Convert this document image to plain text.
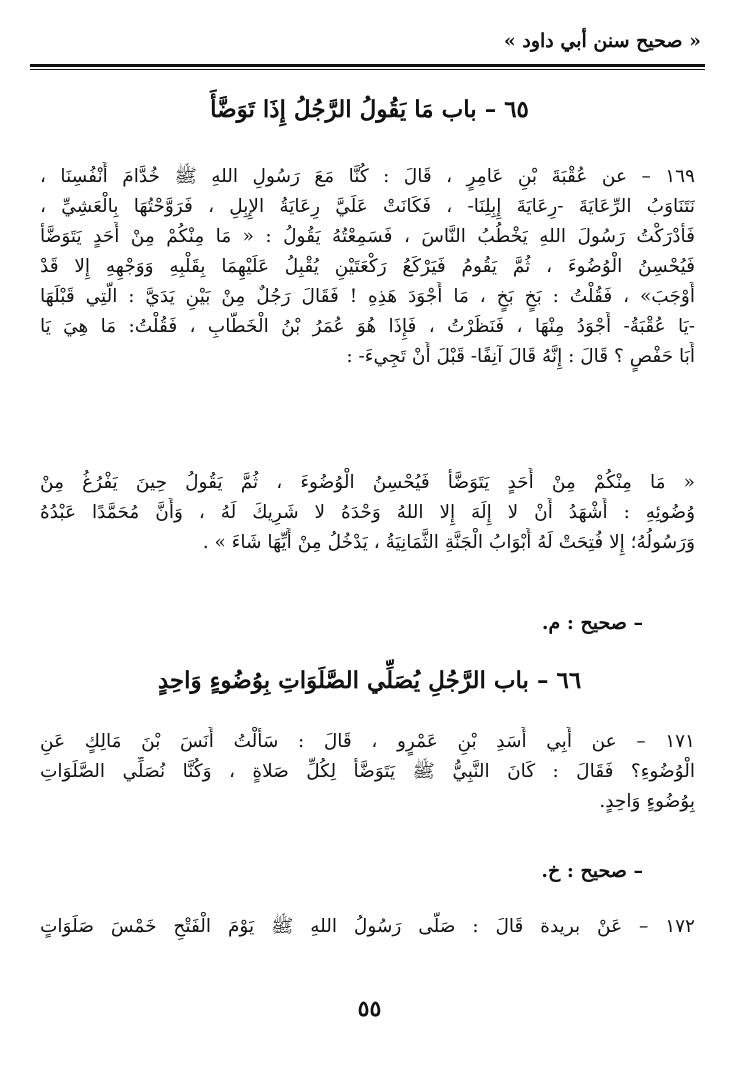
« صحيح سنن أبي داود »
٦٥ – باب مَا يَقُولُ الرَّجُلُ إِذَا تَوَضَّأَ

١٦٩ – عن عُقْبَةَ بْنِ عَامِرٍ ، قَالَ : كُنَّا مَعَ رَسُولِ اللهِ ﷺ خُدَّامَ أَنْفُسِنَا ،

نَتَنَاوَبُ الرِّعَايَةَ -رِعَايَةَ إِبِلِنَا- ، فَكَانَتْ عَلَيَّ رِعَايَةُ الإِبِلِ ، فَرَوَّحْتُهَا بِالْعَشِيِّ ،

فَأَدْرَكْتُ رَسُولَ اللهِ يَخْطُبُ النَّاسَ ، فَسَمِعْتُهُ يَقُولُ : « مَا مِنْكُمْ مِنْ أَحَدٍ يَتَوَضَّأُ

فَيُحْسِنُ الْوُضُوءَ ، ثُمَّ يَقُومُ فَيَرْكَعُ رَكْعَتَيْنِ يُقْبِلُ عَلَيْهِمَا بِقَلْبِهِ وَوَجْهِهِ إِلا قَدْ

أَوْجَبَ» ، فَقُلْتُ : بَخٍ بَخٍ ، مَا أَجْوَدَ هَذِهِ ! فَقَالَ رَجُلٌ مِنْ بَيْنِ يَدَيَّ : الَّتِي قَبْلَهَا

-يَا عُقْبَةُ- أَجْوَدُ مِنْهَا ، فَنَظَرْتُ ، فَإِذَا هُوَ عُمَرُ بْنُ الْخَطَّابِ ، فَقُلْتُ: مَا هِيَ يَا

أَبَا حَفْصٍ ؟ قَالَ : إِنَّهُ قَالَ آنِفًا- قَبْلَ أَنْ تَجِيءَ- :

« مَا مِنْكُمْ مِنْ أَحَدٍ يَتَوَضَّأُ فَيُحْسِنُ الْوُضُوءَ ، ثُمَّ يَقُولُ حِينَ يَفْرُغُ مِنْ

وُضُوئِهِ : أَشْهَدُ أَنْ لا إِلَهَ إِلا اللهُ وَحْدَهُ لا شَرِيكَ لَهُ ، وَأَنَّ مُحَمَّدًا عَبْدُهُ

وَرَسُولُهُ؛ إِلا فُتِحَتْ لَهُ أَبْوَابُ الْجَنَّةِ الثَّمَانِيَةُ ، يَدْخُلُ مِنْ أَيِّهَا شَاءَ » .

– صحيح : م.
٦٦ – باب الرَّجُلِ يُصَلِّي الصَّلَوَاتِ بِوُضُوءٍ وَاحِدٍ

١٧١ – عن أَبِي أَسَدِ بْنِ عَمْرٍو ، قَالَ : سَأَلْتُ أَنَسَ بْنَ مَالِكٍ عَنِ

الْوُضُوءِ؟ فَقَالَ : كَانَ النَّبِيُّ ﷺ يَتَوَضَّأُ لِكُلِّ صَلاةٍ ، وَكُنَّا نُصَلِّي الصَّلَوَاتِ

بِوُضُوءٍ وَاحِدٍ.

– صحيح : خ.

١٧٢ – عَنْ بريدة قَالَ : صَلَّى رَسُولُ اللهِ ﷺ يَوْمَ الْفَتْحِ خَمْسَ صَلَوَاتٍ

٥٥
